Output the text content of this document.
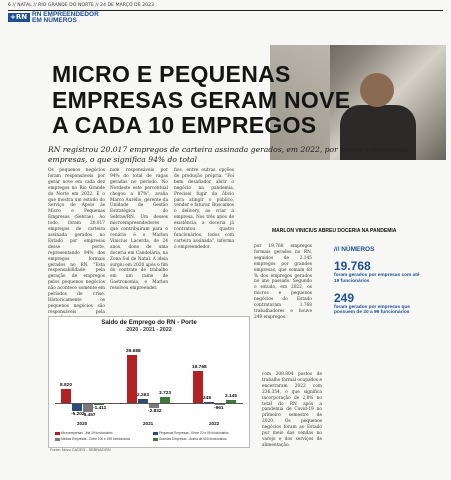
6 // NATAL // RIO GRANDE DO NORTE // 24 DE MARÇO DE 2023
+RN RN EMPREENDEDOR
EM NÚMEROS
MICRO E PEQUENAS
EMPRESAS GERAM NOVE
A CADA 10 EMPREGOS
RN registrou 20.017 empregos de carteira assinada gerados, em 2022, por micro e pequenas empresas, o que significa 94% do total
MARLON VINICIUS ABREU DOCERIA NA PANDEMIA
Os pequenos negócios foram responsáveis por gerar nove em cada dez empregos no Rio Grande do Norte em 2022. É o que mostra um estudo do Serviço de Apoio às Micro e Pequenas Empresas (Sebrae). Ao todo, foram 20.017 empregos de carteira assinada gerados no Estado por empresas desse porte, representando 94% dos empregos formais gerados no RN. "Esta responsabilidade pela geração de empregos pelos pequenos negócios não acontece somente em períodos de crise. Historicamente os pequenos negócios são responsáveis pela
nam responsáveis por 94% do total de vagas geradas no período. No Nordeste este percentual chegou a 87%", avalia Marco Aurélio, gerente da Unidade de Gestão Estratégica do Sebrae/RN. Um desses microempreendedores que contribuíram para o cenário é o Marlon Vinícius Lacerda, de 24 anos, dono de uma doceria em Candelária, na Zona Sul de Natal. A ideia surgiu em 2020 após o fim do contrato de trabalho em um ramo de Gastronomia, e Marlon resolveu empreender.
fios, entre outras opções de produção própria. "Foi bem desafiador abrir o negócio na pandemia. Precisei fugir do ôbvio para atingir o público, vender e faturar. Buscamos o delivery, ao criar a empresa. Nos três anos de existência, a doceria já contratou quatro funcionários, todos com carteira assinada", informa o empreendedor.	por 19.768 empregos formais gerados no RN, seguidos de 2.145 empregos por grandes empresas, que somam 68 % dos empregos gerados no ano passado. Segundo o estudo, em 2022, os micros e pequenos negócios do Estado contrataram 1.768 trabalhadores e houve 249 empregos.
/// NÚMEROS
19.768
foram gerados por empresas com até 19 funcionários
249
foram gerados por empresas que possuem de 20 a 99 funcionários
com 208.804 postos de trabalho formal ocupados e encerraram 2022 com 236.354, o que significa incorporação de 2,8% no total do RN após a pandemia de Covid-19 no primeiro semestre de 2020. Os pequenos negócios foram ao Estado por meio das vendas no varejo e dos serviços de alimentação.
Saldo de Emprego do RN - Porte
2020 - 2021 - 2022
8.820
-5.202
-5.457
-1.411
2020
29.688
2.263
-2.832
3.723
2021
19.768
249
-961
2.145
2022
Microempresas - Até 19 funcionários	Pequenas Empresas - Entre 20 e 99 funcionários
Médias Empresas - Entre 100 e 499 funcionários	Grandes Empresas - Acima de 500 funcionários
Fonte: Novo CAGED - SEBRAE/RN
